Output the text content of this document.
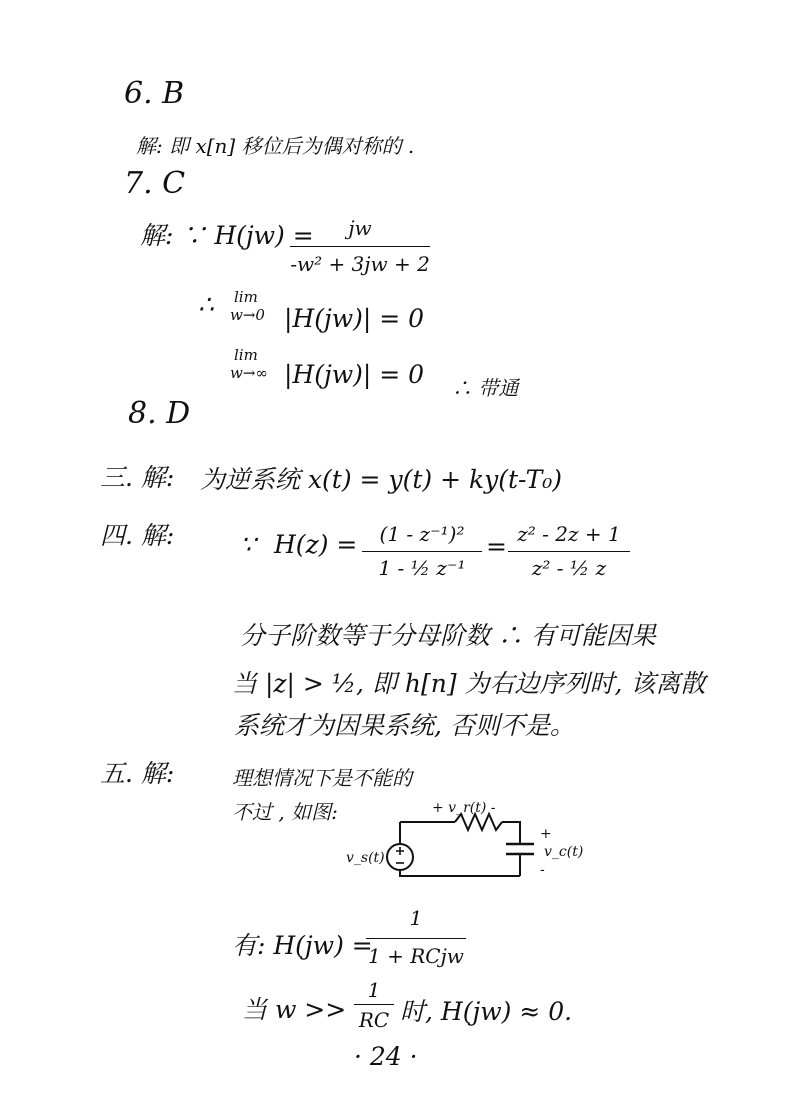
6. B
解: 即 x[n] 移位后为偶对称的 .
7. C
解: ∵ H(jw) =	jw
-w² + 3jw + 2
∴ lim
w→0 |H(jw)| = 0
lim
w→∞ |H(jw)| = 0 ∴ 带通
8. D
三. 解: 为逆系统 x(t) = y(t) + ky(t-T₀)
四. 解:	∵ H(z) =	(1 - z⁻¹)²
1 - ½ z⁻¹
= z² - 2z + 1
z² - ½ z
分子阶数等于分母阶数 ∴ 有可能因果
当 |z| > ½, 即 h[n] 为右边序列时, 该离散
系统才为因果系统, 否则不是。
五. 解:	理想情况下是不能的
不过 , 如图:	+ v_r(t) -
v_s(t)
+
v_c(t)
-
有: H(jw) =
1
1 + RCjw
当 w >>
1
RC 时, H(jw) ≈ 0.
· 24 ·
